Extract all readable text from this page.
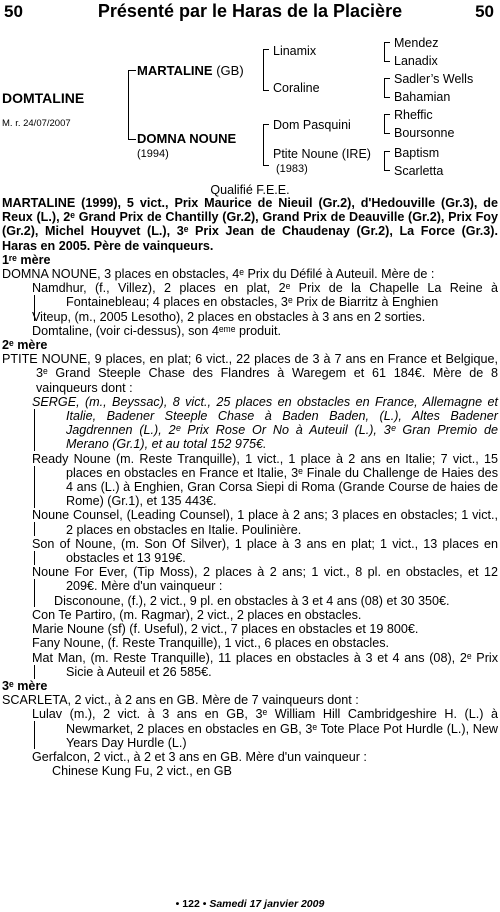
50	Présenté par le Haras de la Placière	50
DOMTALINE
M. r. 24/07/2007
MARTALINE (GB)
DOMNA NOUNE
(1994)
Linamix
Coraline
Dom Pasquini
Ptite Noune (IRE)
(1983)
Mendez
Lanadix
Sadler’s Wells
Bahamian
Rheffic
Boursonne
Baptism
Scarletta
Qualifié F.E.E.

MARTALINE (1999), 5 vict., Prix Maurice de Nieuil (Gr.2), d'Hedouville (Gr.3), de Reux (L.), 2ᵉ Grand Prix de Chantilly (Gr.2), Grand Prix de Deauville (Gr.2), Prix Foy (Gr.2), Michel Houyvet (L.), 3ᵉ Prix Jean de Chaudenay (Gr.2), La Force (Gr.3). Haras en 2005. Père de vainqueurs.

1ʳᵉ mère

DOMNA NOUNE, 3 places en obstacles, 4ᵉ Prix du Défilé à Auteuil. Mère de :

Namdhur, (f., Villez), 2 places en plat, 2ᵉ Prix de la Chapelle La Reine à Fontainebleau; 4 places en obstacles, 3ᵉ Prix de Biarritz à Enghien

Viteup, (m., 2005 Lesotho), 2 places en obstacles à 3 ans en 2 sorties.

Domtaline, (voir ci-dessus), son 4ᵉᵐᵉ produit.

2ᵉ mère

PTITE NOUNE, 9 places, en plat; 6 vict., 22 places de 3 à 7 ans en France et Belgique, 3ᵉ Grand Steeple Chase des Flandres à Waregem et 61 184€. Mère de 8 vainqueurs dont :

SERGE, (m., Beyssac), 8 vict., 25 places en obstacles en France, Allemagne et Italie, Badener Steeple Chase à Baden Baden, (L.), Altes Badener Jagdrennen (L.), 2ᵉ Prix Rose Or No à Auteuil (L.), 3ᵉ Gran Premio de Merano (Gr.1), et au total 152 975€.

Ready Noune (m. Reste Tranquille), 1 vict., 1 place à 2 ans en Italie; 7 vict., 15 places en obstacles en France et Italie, 3ᵉ Finale du Challenge de Haies des 4 ans (L.) à Enghien, Gran Corsa Siepi di Roma (Grande Course de haies de Rome) (Gr.1), et 135 443€.

Noune Counsel, (Leading Counsel), 1 place à 2 ans; 3 places en obstacles; 1 vict., 2 places en obstacles en Italie. Poulinière.

Son of Noune, (m. Son Of Silver), 1 place à 3 ans en plat; 1 vict., 13 places en obstacles et 13 919€.

Noune For Ever, (Tip Moss), 2 places à 2 ans; 1 vict., 8 pl. en obstacles, et 12 209€. Mère d'un vainqueur :

Disconoune, (f.), 2 vict., 9 pl. en obstacles à 3 et 4 ans (08) et 30 350€.

Con Te Partiro, (m. Ragmar), 2 vict., 2 places en obstacles.

Marie Noune (sf) (f. Useful), 2 vict., 7 places en obstacles et 19 800€.

Fany Noune, (f. Reste Tranquille), 1 vict., 6 places en obstacles.

Mat Man, (m. Reste Tranquille), 11 places en obstacles à 3 et 4 ans (08), 2ᵉ Prix Sicie à Auteuil et 26 585€.

3ᵉ mère

SCARLETA, 2 vict., à 2 ans en GB. Mère de 7 vainqueurs dont :

Lulav (m.), 2 vict. à 3 ans en GB, 3ᵉ William Hill Cambridgeshire H. (L.) à Newmarket, 2 places en obstacles en GB, 3ᵉ Tote Place Pot Hurdle (L.), New Years Day Hurdle (L.)

Gerfalcon, 2 vict., à 2 et 3 ans en GB. Mère d'un vainqueur :

Chinese Kung Fu, 2 vict., en GB

• 122 • Samedi 17 janvier 2009
